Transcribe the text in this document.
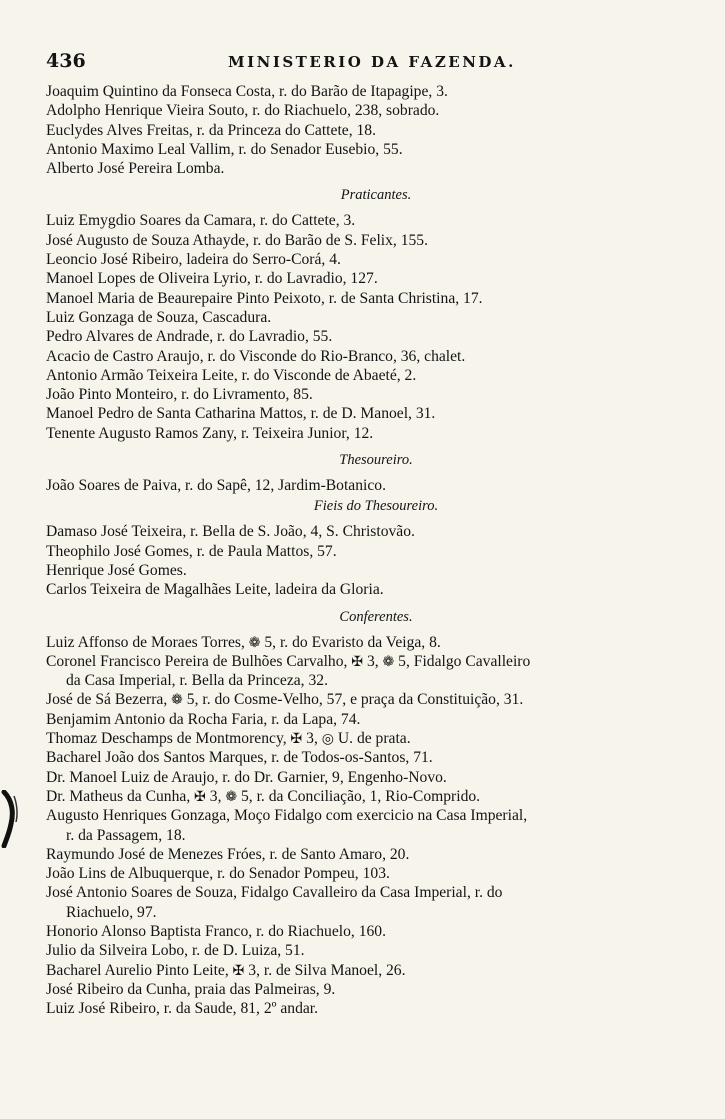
436	MINISTERIO DA FAZENDA.
Joaquim Quintino da Fonseca Costa, r. do Barão de Itapagipe, 3.
Adolpho Henrique Vieira Souto, r. do Riachuelo, 238, sobrado.
Euclydes Alves Freitas, r. da Princeza do Cattete, 18.
Antonio Maximo Leal Vallim, r. do Senador Eusebio, 55.
Alberto José Pereira Lomba.
Praticantes.
Luiz Emygdio Soares da Camara, r. do Cattete, 3.
José Augusto de Souza Athayde, r. do Barão de S. Felix, 155.
Leoncio José Ribeiro, ladeira do Serro-Corá, 4.
Manoel Lopes de Oliveira Lyrio, r. do Lavradio, 127.
Manoel Maria de Beaurepaire Pinto Peixoto, r. de Santa Christina, 17.
Luiz Gonzaga de Souza, Cascadura.
Pedro Alvares de Andrade, r. do Lavradio, 55.
Acacio de Castro Araujo, r. do Visconde do Rio-Branco, 36, chalet.
Antonio Armão Teixeira Leite, r. do Visconde de Abaeté, 2.
João Pinto Monteiro, r. do Livramento, 85.
Manoel Pedro de Santa Catharina Mattos, r. de D. Manoel, 31.
Tenente Augusto Ramos Zany, r. Teixeira Junior, 12.
Thesoureiro.
João Soares de Paiva, r. do Sapê, 12, Jardim-Botanico.
Fieis do Thesoureiro.
Damaso José Teixeira, r. Bella de S. João, 4, S. Christovão.
Theophilo José Gomes, r. de Paula Mattos, 57.
Henrique José Gomes.
Carlos Teixeira de Magalhães Leite, ladeira da Gloria.
Conferentes.
Luiz Affonso de Moraes Torres, ❁ 5, r. do Evaristo da Veiga, 8.
Coronel Francisco Pereira de Bulhões Carvalho, ✠ 3, ❁ 5, Fidalgo Cavalleiro
da Casa Imperial, r. Bella da Princeza, 32.
José de Sá Bezerra, ❁ 5, r. do Cosme-Velho, 57, e praça da Constituição, 31.
Benjamim Antonio da Rocha Faria, r. da Lapa, 74.
Thomaz Deschamps de Montmorency, ✠ 3, ◎ U. de prata.
Bacharel João dos Santos Marques, r. de Todos-os-Santos, 71.
Dr. Manoel Luiz de Araujo, r. do Dr. Garnier, 9, Engenho-Novo.
Dr. Matheus da Cunha, ✠ 3, ❁ 5, r. da Conciliação, 1, Rio-Comprido.
Augusto Henriques Gonzaga, Moço Fidalgo com exercicio na Casa Imperial,
r. da Passagem, 18.
Raymundo José de Menezes Fróes, r. de Santo Amaro, 20.
João Lins de Albuquerque, r. do Senador Pompeu, 103.
José Antonio Soares de Souza, Fidalgo Cavalleiro da Casa Imperial, r. do
Riachuelo, 97.
Honorio Alonso Baptista Franco, r. do Riachuelo, 160.
Julio da Silveira Lobo, r. de D. Luiza, 51.
Bacharel Aurelio Pinto Leite, ✠ 3, r. de Silva Manoel, 26.
José Ribeiro da Cunha, praia das Palmeiras, 9.
Luiz José Ribeiro, r. da Saude, 81, 2º andar.
